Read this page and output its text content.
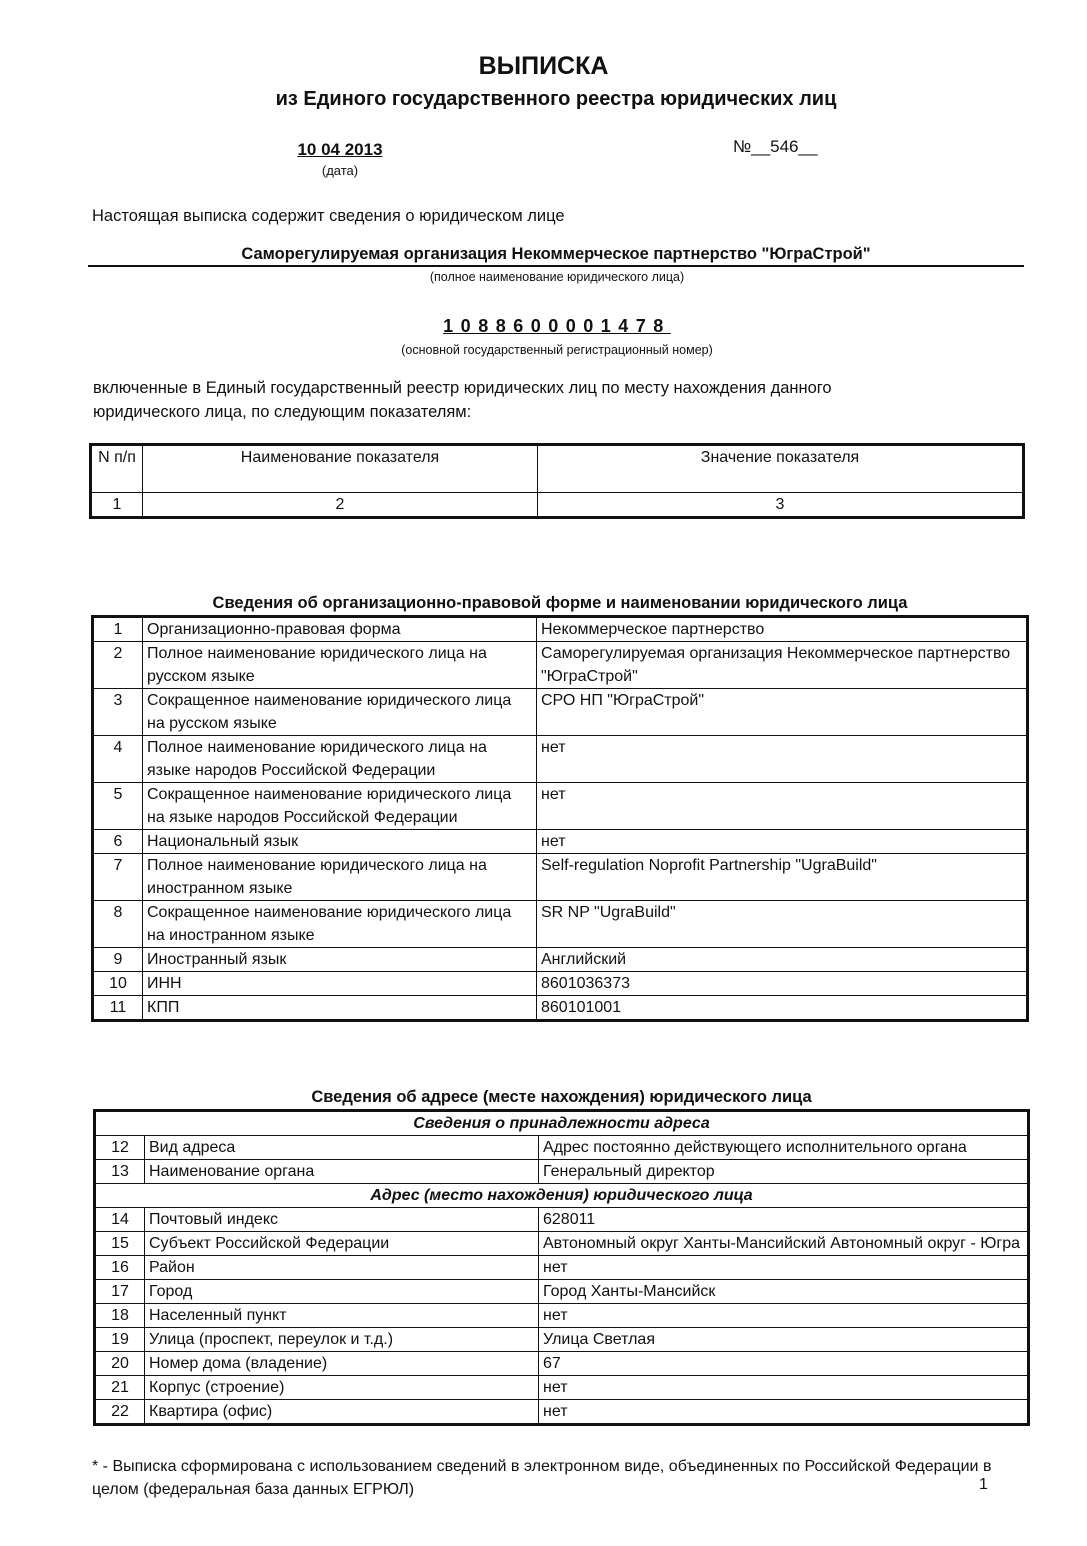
ВЫПИСКА
из Единого государственного реестра юридических лиц
10 04 2013
(дата)
№__546__
Настоящая выписка содержит сведения о юридическом лице
Саморегулируемая организация Некоммерческое партнерство "ЮграСтрой"
(полное наименование юридического лица)
1088600001478
(основной государственный регистрационный номер)
включенные в Единый государственный реестр юридических лиц по месту нахождения данного юридического лица, по следующим показателям:
N п/п	Наименование показателя	Значение показателя
1	2	3
Сведения об организационно-правовой форме и наименовании юридического лица
1	Организационно-правовая форма	Некоммерческое партнерство
2	Полное наименование юридического лица на русском языке	Саморегулируемая организация Некоммерческое партнерство "ЮграСтрой"
3	Сокращенное наименование юридического лица на русском языке	СРО НП "ЮграСтрой"
4	Полное наименование юридического лица на языке народов Российской Федерации	нет
5	Сокращенное наименование юридического лица на языке народов Российской Федерации	нет
6	Национальный язык	нет
7	Полное наименование юридического лица на иностранном языке	Self-regulation Noprofit Partnership "UgraBuild"
8	Сокращенное наименование юридического лица на иностранном языке	SR NP "UgraBuild"
9	Иностранный язык	Английский
10	ИНН	8601036373
11	КПП	860101001
Сведения об адресе (месте нахождения) юридического лица
Сведения о принадлежности адреса		
12	Вид адреса	Адрес постоянно действующего исполнительного органа
13	Наименование органа	Генеральный директор
Адрес (место нахождения) юридического лица		
14	Почтовый индекс	628011
15	Субъект Российской Федерации	Автономный округ Ханты-Мансийский Автономный округ - Югра
16	Район	нет
17	Город	Город Ханты-Мансийск
18	Населенный пункт	нет
19	Улица (проспект, переулок и т.д.)	Улица Светлая
20	Номер дома (владение)	67
21	Корпус (строение)	нет
22	Квартира (офис)	нет
* - Выписка сформирована с использованием сведений в электронном виде, объединенных по Российской Федерации в целом (федеральная база данных ЕГРЮЛ)	1
